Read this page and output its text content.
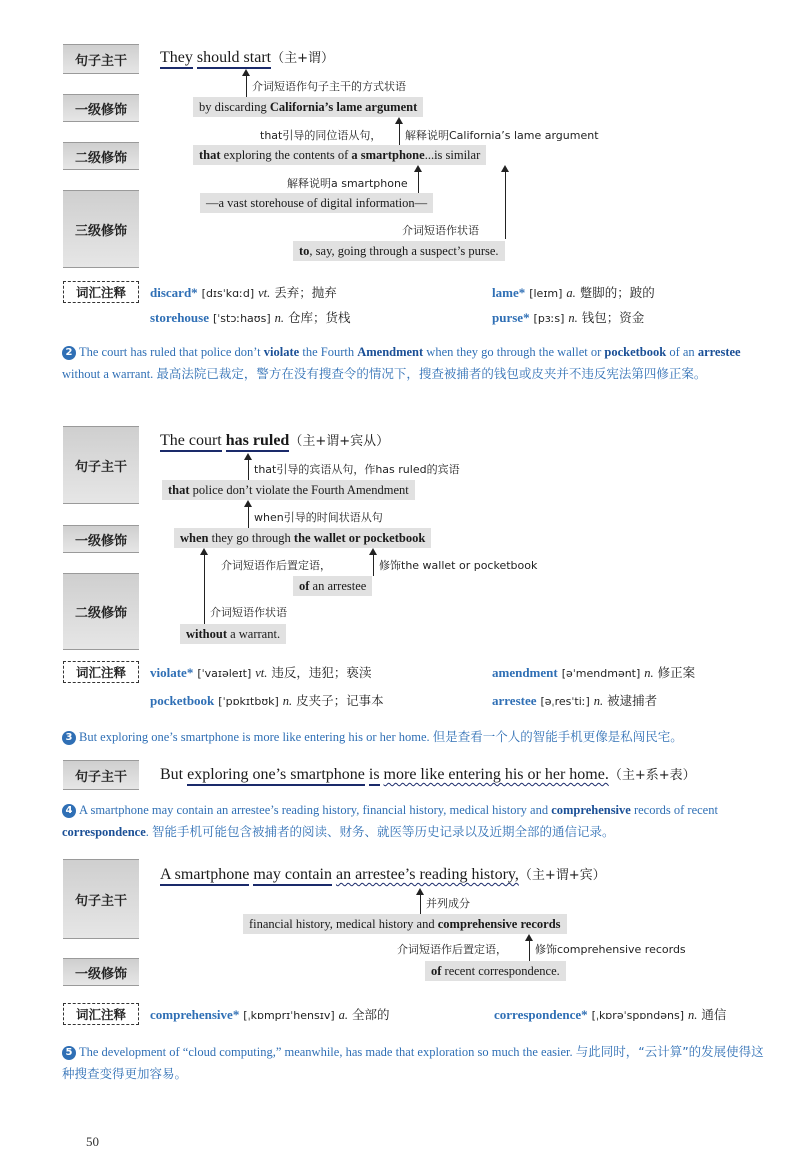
句子主干
一级修饰
二级修饰
三级修饰
They should start（主+谓）
介词短语作句子主干的方式状语
by discarding California’s lame argument
that引导的同位语从句， 解释说明California’s lame argument
that exploring the contents of a smartphone...is similar
解释说明a smartphone
—a vast storehouse of digital information—
介词短语作状语
to, say, going through a suspect’s purse.
词汇注释	discard* [dɪsˈkɑːd] vt. 丢弃；抛弃	lame* [leɪm] a. 蹩脚的；跛的
storehouse [ˈstɔːhaʊs] n. 仓库；货栈	purse* [pɜːs] n. 钱包；资金
2 The court has ruled that police don’t violate the Fourth Amendment when they go through the wallet or pocketbook of an arrestee without a warrant. 最高法院已裁定，警方在没有搜查令的情况下，搜查被捕者的钱包或皮夹并不违反宪法第四修正案。
句子主干
一级修饰
二级修饰
The court has ruled（主+谓+宾从）
that引导的宾语从句，作has ruled的宾语
that police don’t violate the Fourth Amendment
when引导的时间状语从句
when they go through the wallet or pocketbook
介词短语作后置定语，	修饰the wallet or pocketbook
of an arrestee
介词短语作状语
without a warrant.
词汇注释	violate* [ˈvaɪəleɪt] vt. 违反，违犯；亵渎	amendment [əˈmendmənt] n. 修正案
pocketbook [ˈpɒkɪtbʊk] n. 皮夹子；记事本	arrestee [əˌresˈtiː] n. 被逮捕者
3 But exploring one’s smartphone is more like entering his or her home. 但是查看一个人的智能手机更像是私闯民宅。
句子主干	But exploring one’s smartphone is more like entering his or her home.（主+系+表）
4 A smartphone may contain an arrestee’s reading history, financial history, medical history and comprehensive records of recent correspondence. 智能手机可能包含被捕者的阅读、财务、就医等历史记录以及近期全部的通信记录。
句子主干
一级修饰
A smartphone may contain an arrestee’s reading history,（主+谓+宾）
并列成分
financial history, medical history and comprehensive records
介词短语作后置定语，	修饰comprehensive records
of recent correspondence.
词汇注释	comprehensive* [ˌkɒmprɪˈhensɪv] a. 全部的	correspondence* [ˌkɒrəˈspɒndəns] n. 通信
5 The development of “cloud computing,” meanwhile, has made that exploration so much the easier. 与此同时，“云计算”的发展使得这种搜查变得更加容易。
50
